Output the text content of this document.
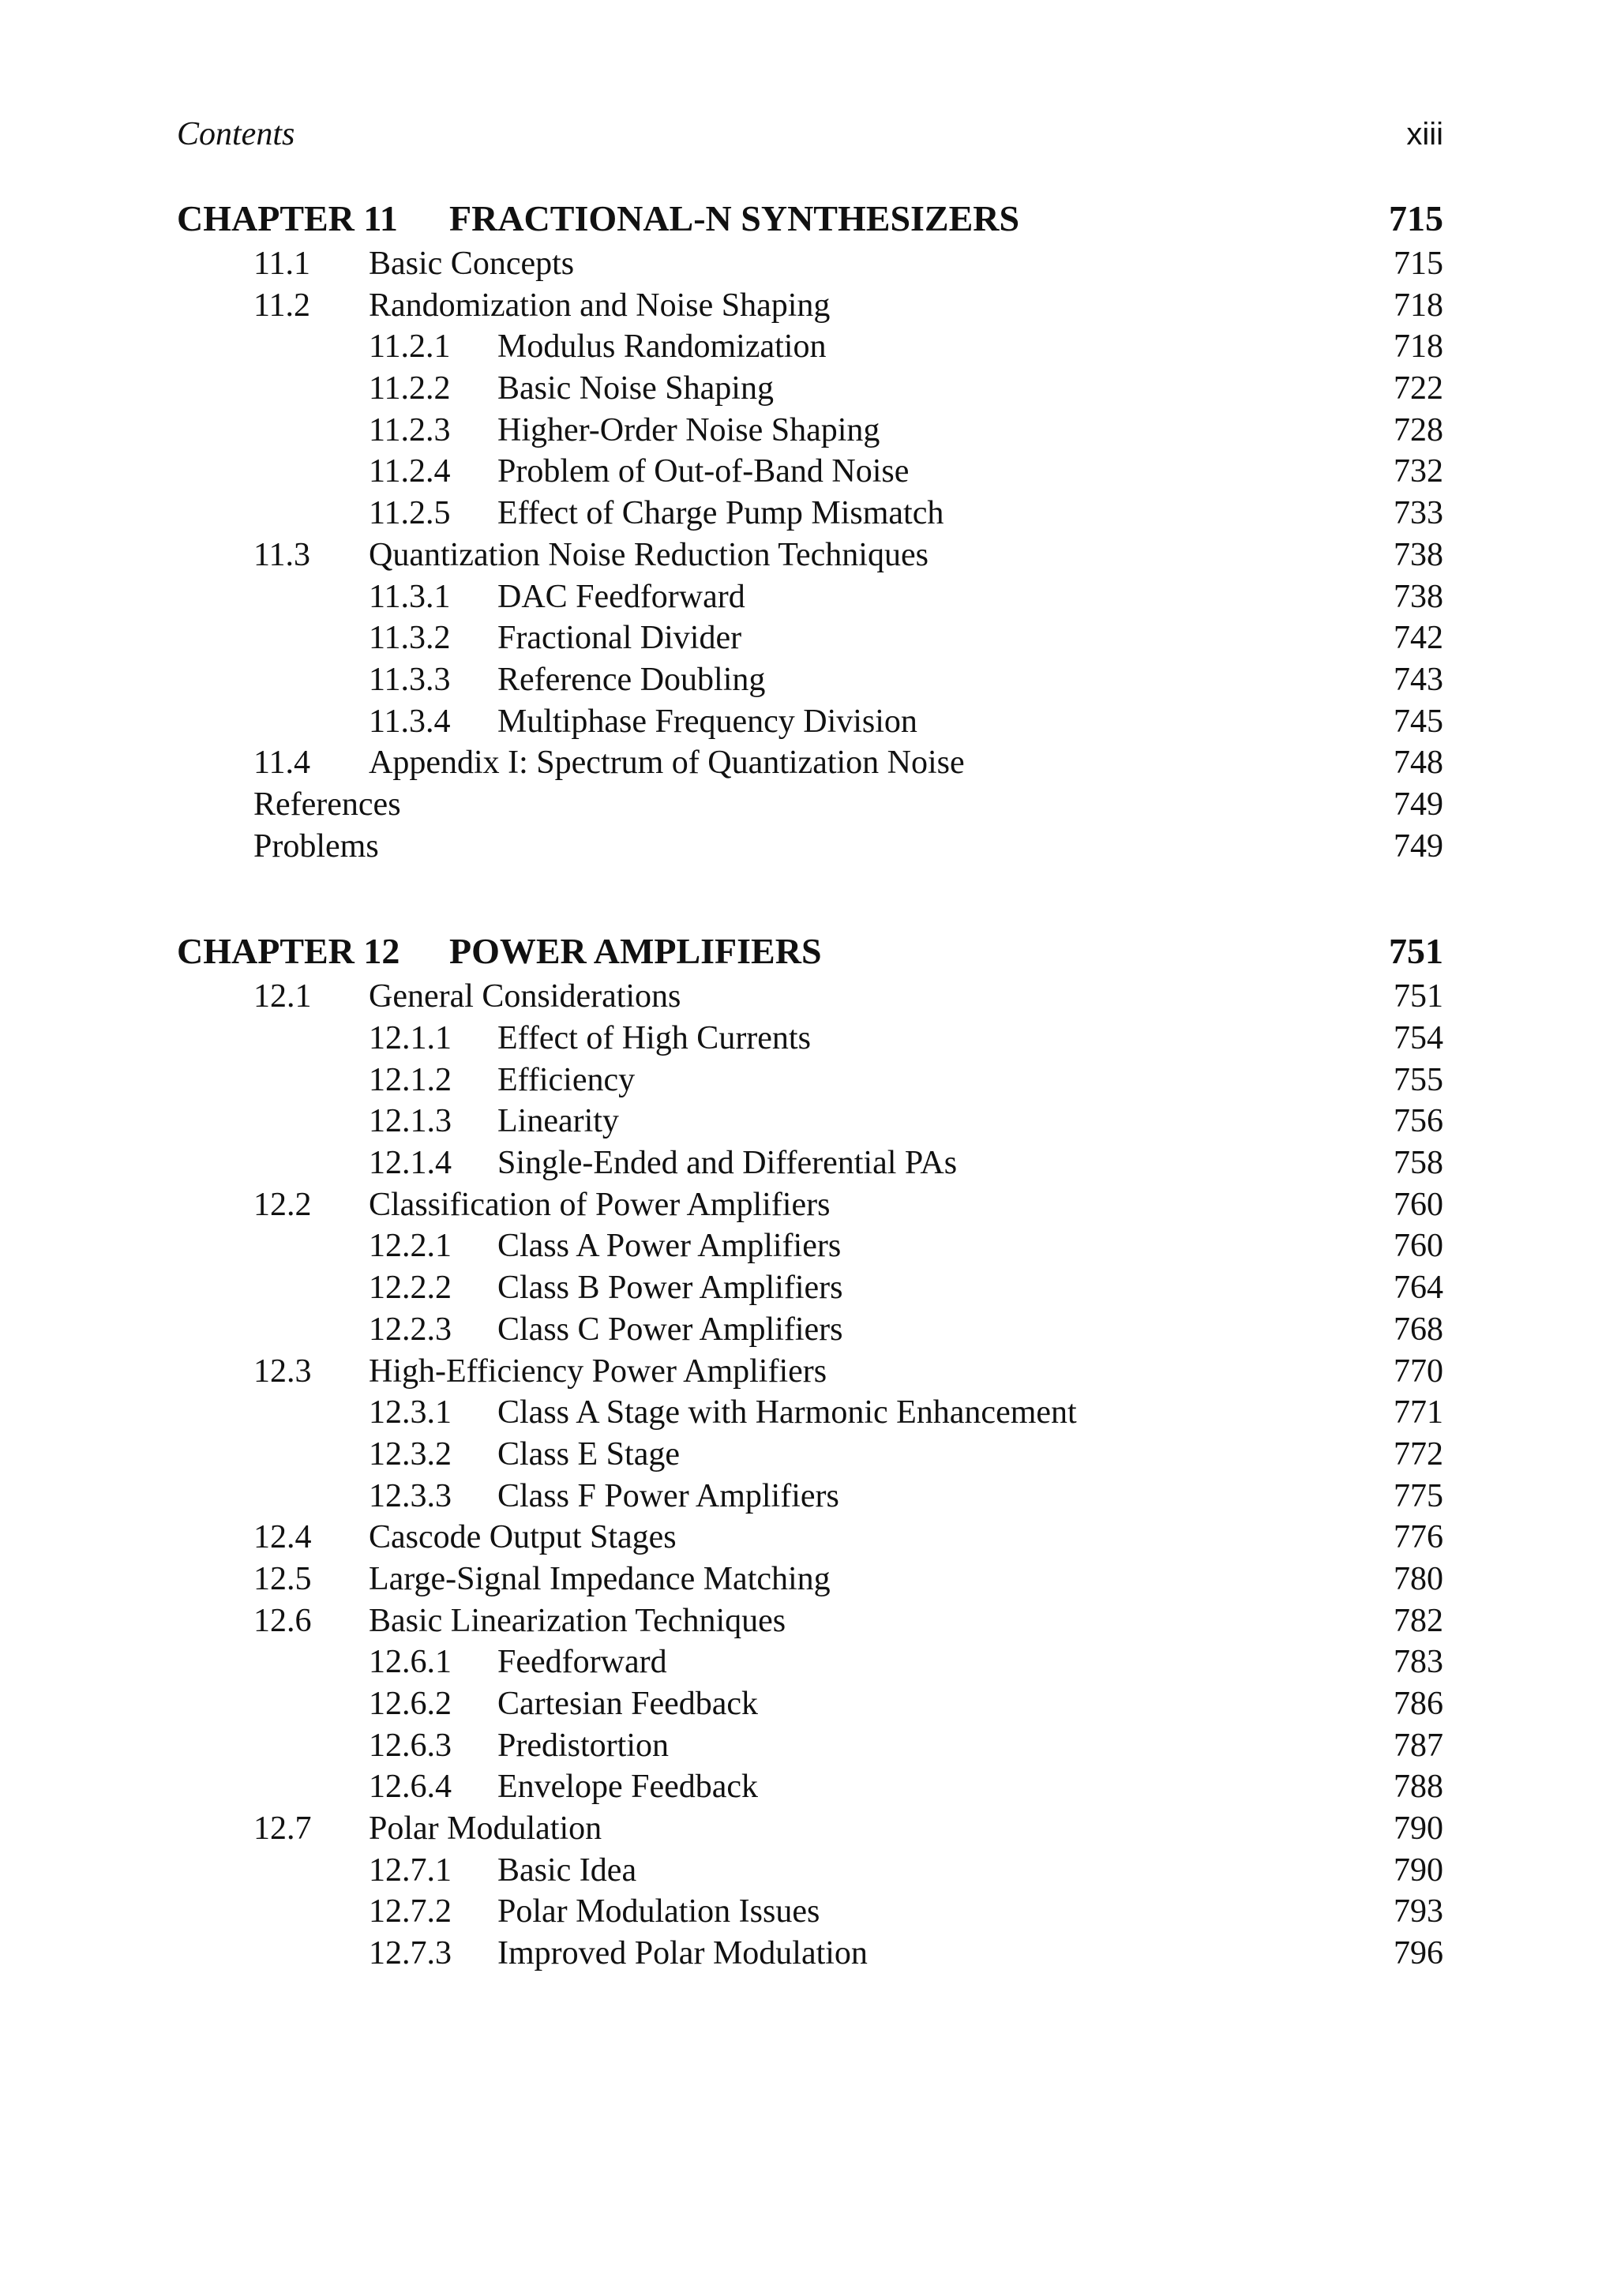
Contents	xiii
CHAPTER 11 FRACTIONAL-N SYNTHESIZERS	715
11.1 Basic Concepts	715
11.2 Randomization and Noise Shaping	718
11.2.1 Modulus Randomization	718
11.2.2 Basic Noise Shaping	722
11.2.3 Higher-Order Noise Shaping	728
11.2.4 Problem of Out-of-Band Noise	732
11.2.5 Effect of Charge Pump Mismatch	733
11.3 Quantization Noise Reduction Techniques	738
11.3.1 DAC Feedforward	738
11.3.2 Fractional Divider	742
11.3.3 Reference Doubling	743
11.3.4 Multiphase Frequency Division	745
11.4 Appendix I: Spectrum of Quantization Noise	748
References	749
Problems	749
CHAPTER 12 POWER AMPLIFIERS	751
12.1 General Considerations	751
12.1.1 Effect of High Currents	754
12.1.2 Efficiency	755
12.1.3 Linearity	756
12.1.4 Single-Ended and Differential PAs	758
12.2 Classification of Power Amplifiers	760
12.2.1 Class A Power Amplifiers	760
12.2.2 Class B Power Amplifiers	764
12.2.3 Class C Power Amplifiers	768
12.3 High-Efficiency Power Amplifiers	770
12.3.1 Class A Stage with Harmonic Enhancement	771
12.3.2 Class E Stage	772
12.3.3 Class F Power Amplifiers	775
12.4 Cascode Output Stages	776
12.5 Large-Signal Impedance Matching	780
12.6 Basic Linearization Techniques	782
12.6.1 Feedforward	783
12.6.2 Cartesian Feedback	786
12.6.3 Predistortion	787
12.6.4 Envelope Feedback	788
12.7 Polar Modulation	790
12.7.1 Basic Idea	790
12.7.2 Polar Modulation Issues	793
12.7.3 Improved Polar Modulation	796
